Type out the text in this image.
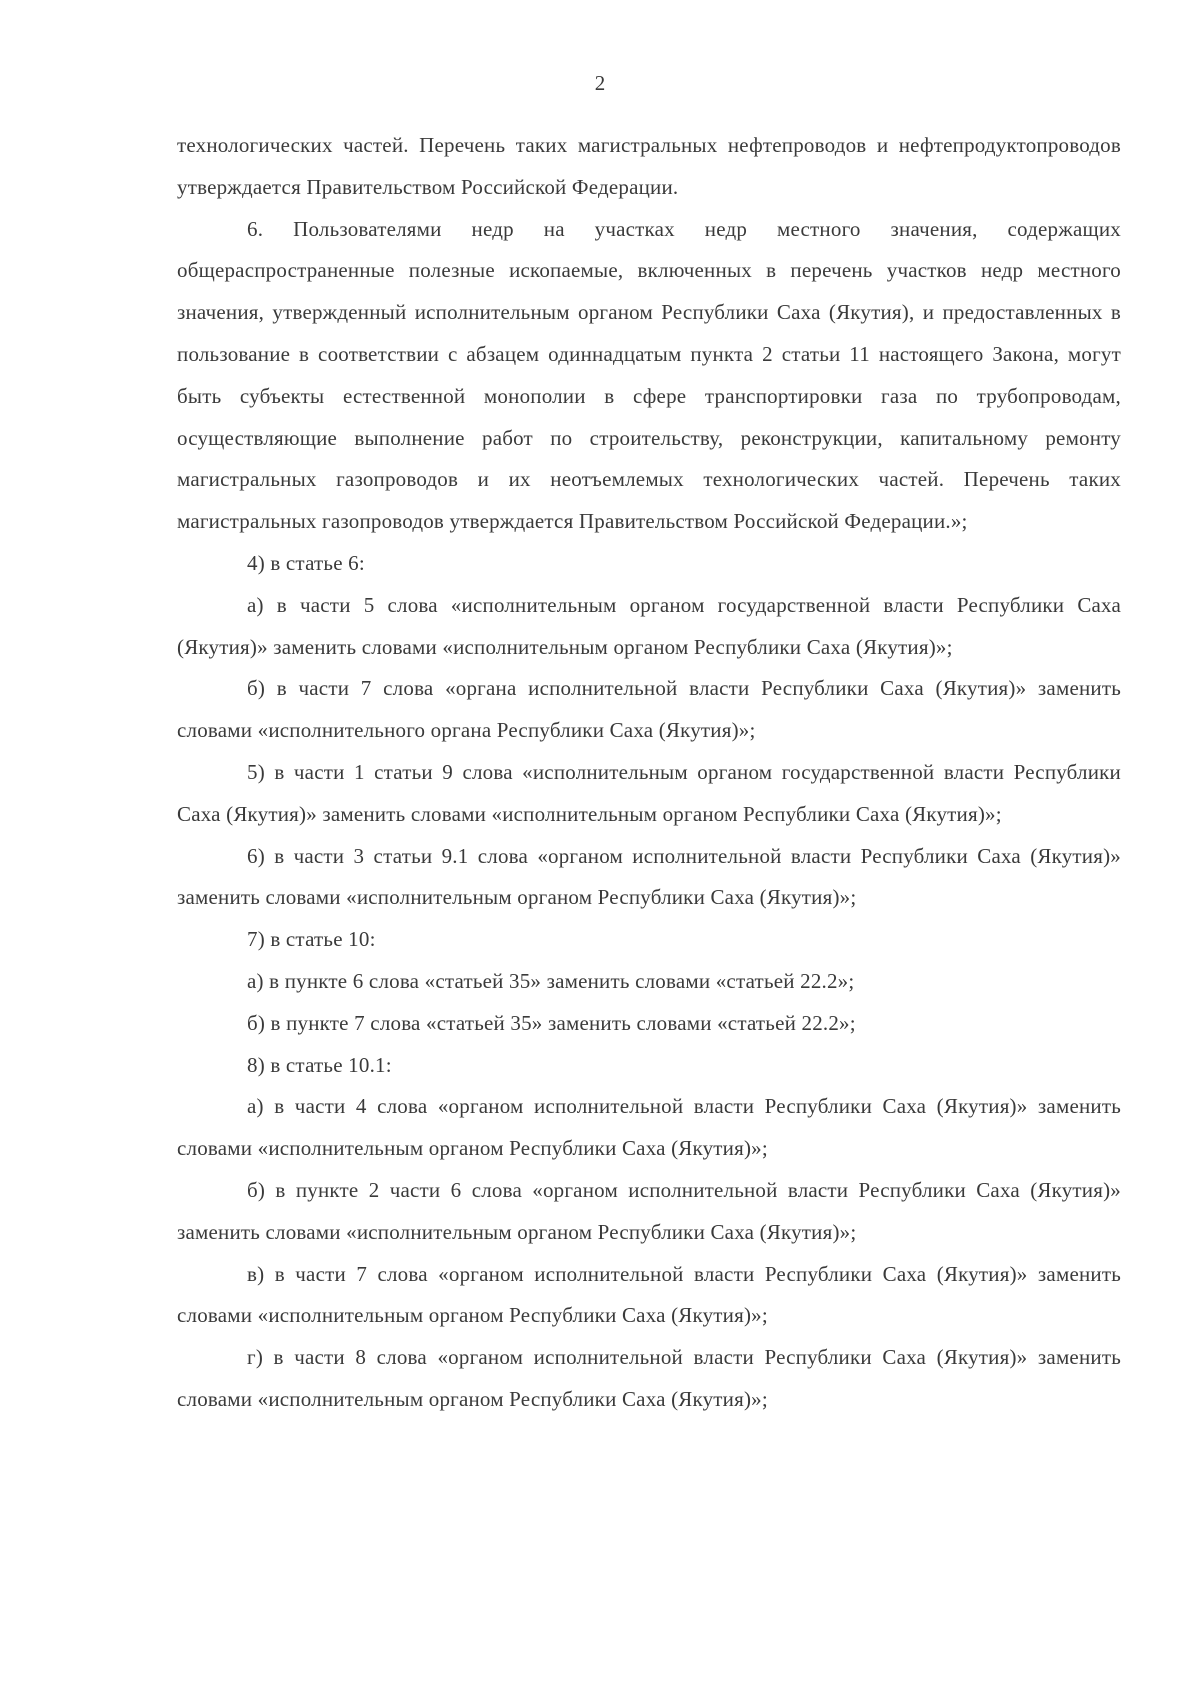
2

технологических частей. Перечень таких магистральных нефтепроводов и нефтепродуктопроводов утверждается Правительством Российской Федерации.

6. Пользователями недр на участках недр местного значения, содержащих общераспространенные полезные ископаемые, включенных в перечень участков недр местного значения, утвержденный исполнительным органом Республики Саха (Якутия), и предоставленных в пользование в соответствии с абзацем одиннадцатым пункта 2 статьи 11 настоящего Закона, могут быть субъекты естественной монополии в сфере транспортировки газа по трубопроводам, осуществляющие выполнение работ по строительству, реконструкции, капитальному ремонту магистральных газопроводов и их неотъемлемых технологических частей. Перечень таких магистральных газопроводов утверждается Правительством Российской Федерации.»;

4) в статье 6:

а) в части 5 слова «исполнительным органом государственной власти Республики Саха (Якутия)» заменить словами «исполнительным органом Республики Саха (Якутия)»;

б) в части 7 слова «органа исполнительной власти Республики Саха (Якутия)» заменить словами «исполнительного органа Республики Саха (Якутия)»;

5) в части 1 статьи 9 слова «исполнительным органом государственной власти Республики Саха (Якутия)» заменить словами «исполнительным органом Республики Саха (Якутия)»;

6) в части 3 статьи 9.1 слова «органом исполнительной власти Республики Саха (Якутия)» заменить словами «исполнительным органом Республики Саха (Якутия)»;

7) в статье 10:

а) в пункте 6 слова «статьей 35» заменить словами «статьей 22.2»;

б) в пункте 7 слова «статьей 35» заменить словами «статьей 22.2»;

8) в статье 10.1:

а) в части 4 слова «органом исполнительной власти Республики Саха (Якутия)» заменить словами «исполнительным органом Республики Саха (Якутия)»;

б) в пункте 2 части 6 слова «органом исполнительной власти Республики Саха (Якутия)» заменить словами «исполнительным органом Республики Саха (Якутия)»;

в) в части 7 слова «органом исполнительной власти Республики Саха (Якутия)» заменить словами «исполнительным органом Республики Саха (Якутия)»;

г) в части 8 слова «органом исполнительной власти Республики Саха (Якутия)» заменить словами «исполнительным органом Республики Саха (Якутия)»;
